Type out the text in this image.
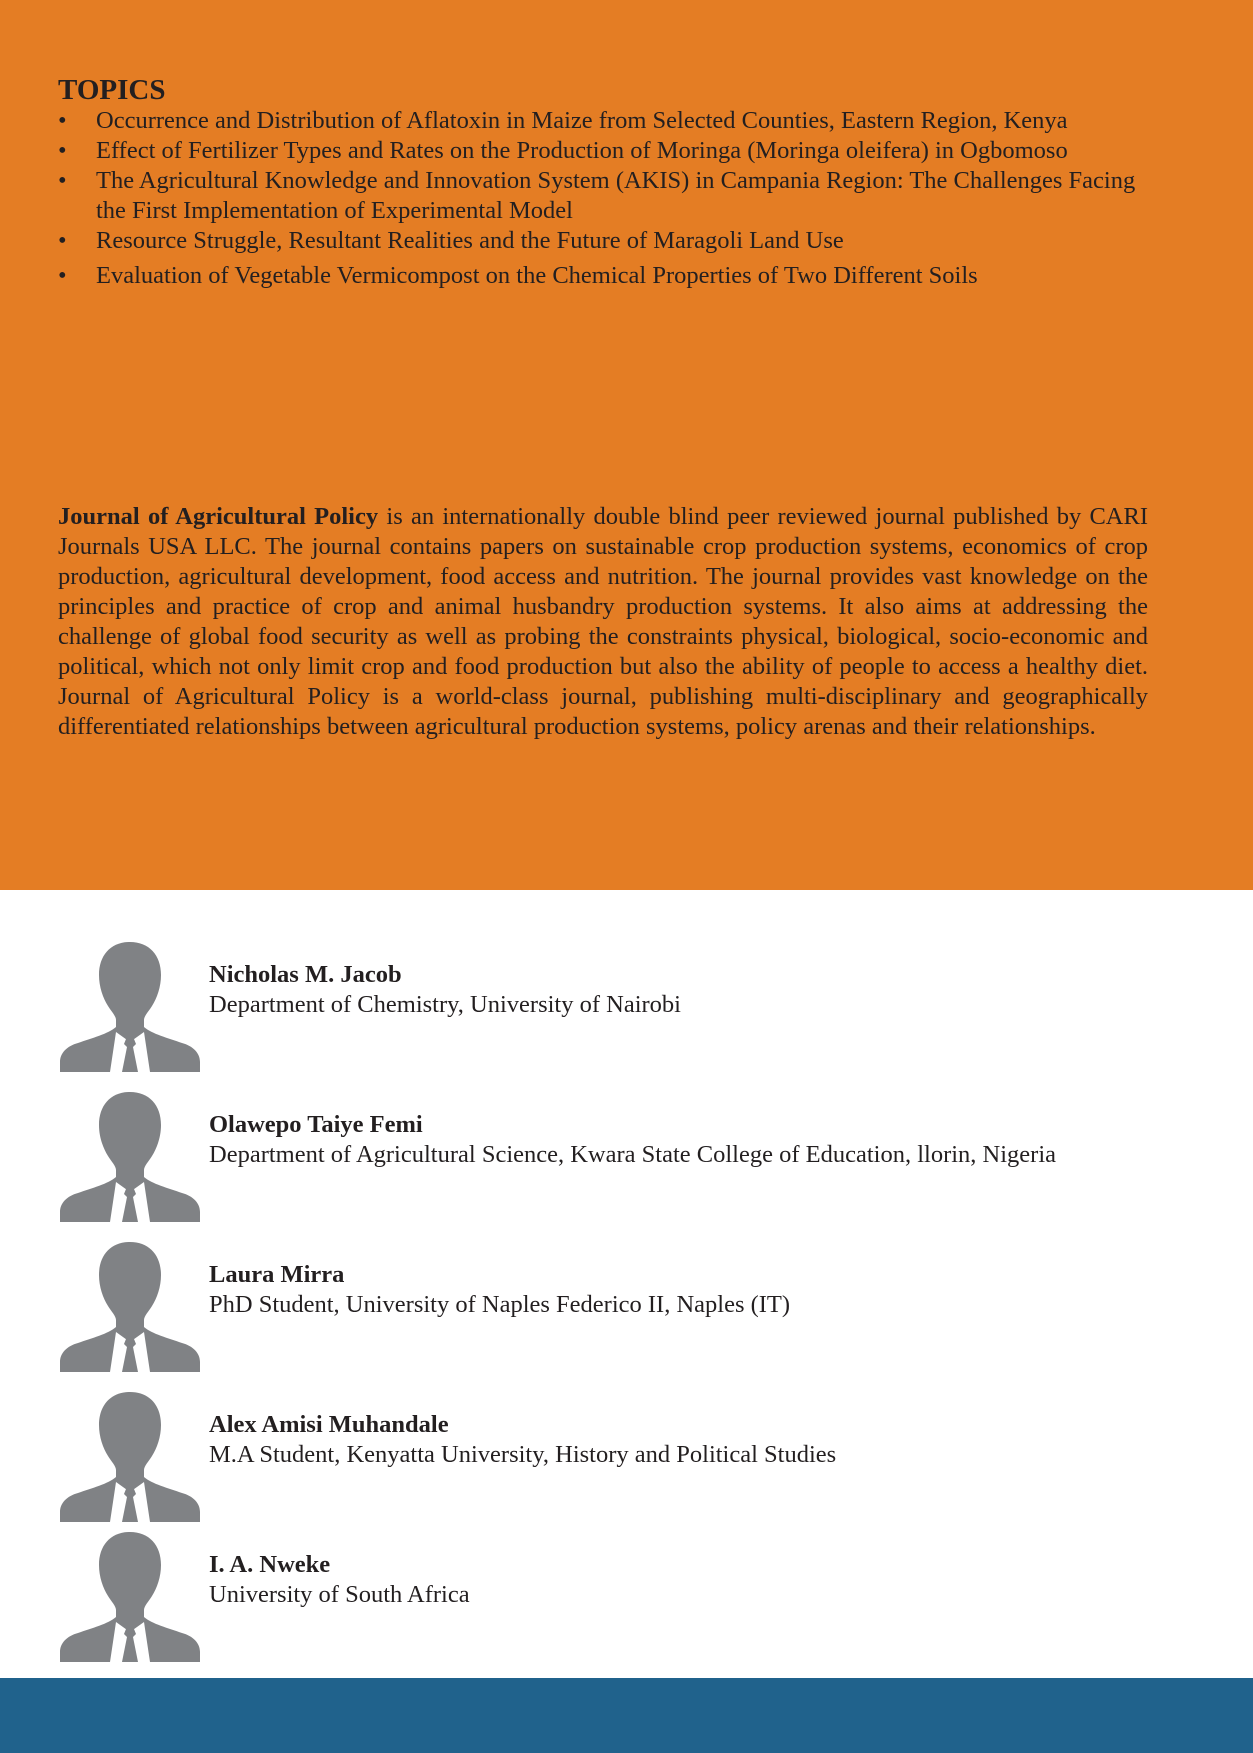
TOPICS
• Occurrence and Distribution of Aflatoxin in Maize from Selected Counties, Eastern Region, Kenya
• Effect of Fertilizer Types and Rates on the Production of Moringa (Moringa oleifera) in Ogbomoso
• The Agricultural Knowledge and Innovation System (AKIS) in Campania Region: The Challenges Facing the First Implementation of Experimental Model
• Resource Struggle, Resultant Realities and the Future of Maragoli Land Use
• Evaluation of Vegetable Vermicompost on the Chemical Properties of Two Different Soils

Journal of Agricultural Policy is an internationally double blind peer reviewed journal published by CARI Journals USA LLC. The journal contains papers on sustainable crop production systems, economics of crop production, agricultural development, food access and nutrition. The journal provides vast knowledge on the principles and practice of crop and animal husbandry production systems. It also aims at addressing the challenge of global food security as well as probing the constraints physical, biological, socio-economic and political, which not only limit crop and food production but also the ability of people to access a healthy diet. Journal of Agricultural Policy is a world-class journal, publishing multi-disciplinary and geographically differentiated relationships between agricultural production systems, policy arenas and their relationships.

Nicholas M. Jacob
Department of Chemistry, University of Nairobi
Olawepo Taiye Femi
Department of Agricultural Science, Kwara State College of Education, llorin, Nigeria
Laura Mirra
PhD Student, University of Naples Federico II, Naples (IT)
Alex Amisi Muhandale
M.A Student, Kenyatta University, History and Political Studies
I. A. Nweke
University of South Africa
